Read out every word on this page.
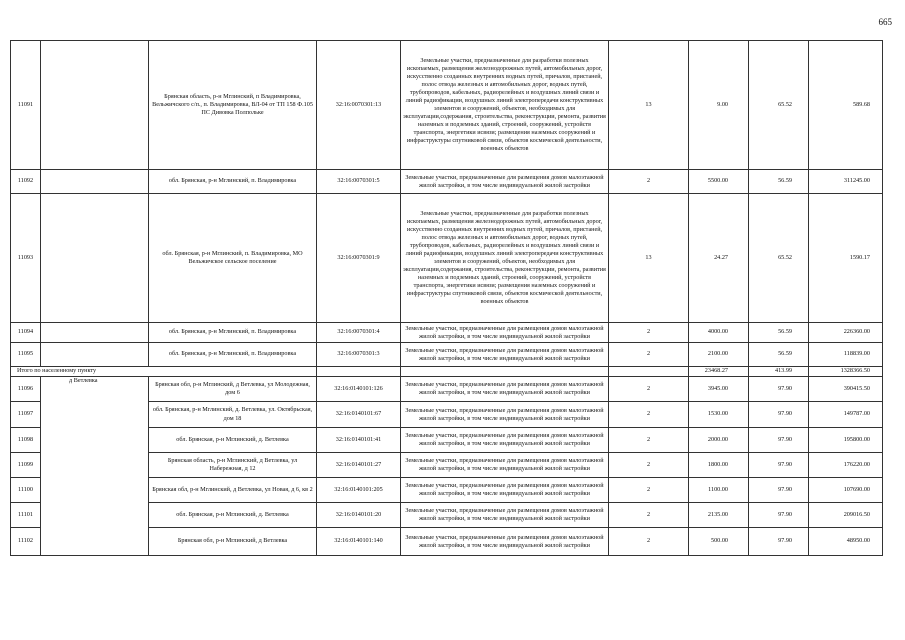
665
11091		Брянская область, р-н Мглинский, п Владимировка, Вельжичского с/п., п. Владимировка, ВЛ-04 от ТП 158 Ф.105 ПС Дивовка Полпольке	32:16:0070301:13	Земельные участки, предназначенные для разработки полезных ископаемых, размещения железнодорожных путей, автомобильных дорог, искусственно созданных внутренних водных путей, причалов, пристаней, полос отвода железных и автомобильных дорог, водных путей, трубопроводов, кабельных, радиорелейных и воздушных линий связи и линий радиофикации, воздушных линий электропередачи конструктивных элементов и сооружений, объектов, необходимых для эксплуатации,содержания, строительства, реконструкции, ремонта, развития наземных и подземных зданий, строений, сооружений, устройств транспорта, энергетики исвязи; размещения наземных сооружений и инфраструктуры спутниковой связи, объектов космической деятельности, военных объектов	13	9.00	65.52	589.68
11092		обл. Брянская, р-н Мглинский, п. Владимировка	32:16:0070301:5	Земельные участки, предназначенные для размещения домов малоэтажной жилой застройки, в том числе индивидуальной жилой застройки	2	5500.00	56.59	311245.00
11093		обл. Брянская, р-н Мглинский, п. Владимировка, МО Вельжичское сельское поселение	32:16:0070301:9	Земельные участки, предназначенные для разработки полезных ископаемых, размещения железнодорожных путей, автомобильных дорог, искусственно созданных внутренних водных путей, причалов, пристаней, полос отвода железных и автомобильных дорог, водных путей, трубопроводов, кабельных, радиорелейных и воздушных линий связи и линий радиофикации, воздушных линий электропередачи конструктивных элементов и сооружений, объектов, необходимых для эксплуатации,содержания, строительства, реконструкции, ремонта, развития наземных и подземных зданий, строений, сооружений, устройств транспорта, энергетики исвязи; размещения наземных сооружений и инфраструктуры спутниковой связи, объектов космической деятельности, военных объектов	13	24.27	65.52	1590.17
11094		обл. Брянская, р-н Мглинский, п. Владимировка	32:16:0070301:4	Земельные участки, предназначенные для размещения домов малоэтажной жилой застройки, в том числе индивидуальной жилой застройки	2	4000.00	56.59	226360.00
11095		обл. Брянская, р-н Мглинский, п. Владимировка	32:16:0070301:3	Земельные участки, предназначенные для размещения домов малоэтажной жилой застройки, в том числе индивидуальной жилой застройки	2	2100.00	56.59	118839.00
Итого по населенному пункту						23468.27	413.99	1328366.50
11096	д Ветлевка	Брянская обл, р-н Мглинский, д Ветлевка, ул Молодежная, дом 6	32:16:0140101:126	Земельные участки, предназначенные для размещения домов малоэтажной жилой застройки, в том числе индивидуальной жилой застройки	2	3945.00	97.90	390415.50
11097		обл. Брянская, р-н Мглинский, д. Ветлевка, ул. Октябрьская, дом 18	32:16:0140101:67	Земельные участки, предназначенные для размещения домов малоэтажной жилой застройки, в том числе индивидуальной жилой застройки	2	1530.00	97.90	149787.00
11098		обл. Брянская, р-н Мглинский, д. Ветлевка	32:16:0140101:41	Земельные участки, предназначенные для размещения домов малоэтажной жилой застройки, в том числе индивидуальной жилой застройки	2	2000.00	97.90	195800.00
11099		Брянская область, р-н Мглинский, д Ветлевка, ул Набережная, д 12	32:16:0140101:27	Земельные участки, предназначенные для размещения домов малоэтажной жилой застройки, в том числе индивидуальной жилой застройки	2	1800.00	97.90	176220.00
11100		Брянская обл, р-н Мглинский, д Ветлевка, ул Новая, д 6, кв 2	32:16:0140101:205	Земельные участки, предназначенные для размещения домов малоэтажной жилой застройки, в том числе индивидуальной жилой застройки	2	1100.00	97.90	107690.00
11101		обл. Брянская, р-н Мглинский, д. Ветлевка	32:16:0140101:20	Земельные участки, предназначенные для размещения домов малоэтажной жилой застройки, в том числе индивидуальной жилой застройки	2	2135.00	97.90	209016.50
11102		Брянская обл, р-н Мглинский, д Ветлевка	32:16:0140101:140	Земельные участки, предназначенные для размещения домов малоэтажной жилой застройки, в том числе индивидуальной жилой застройки	2	500.00	97.90	48950.00
